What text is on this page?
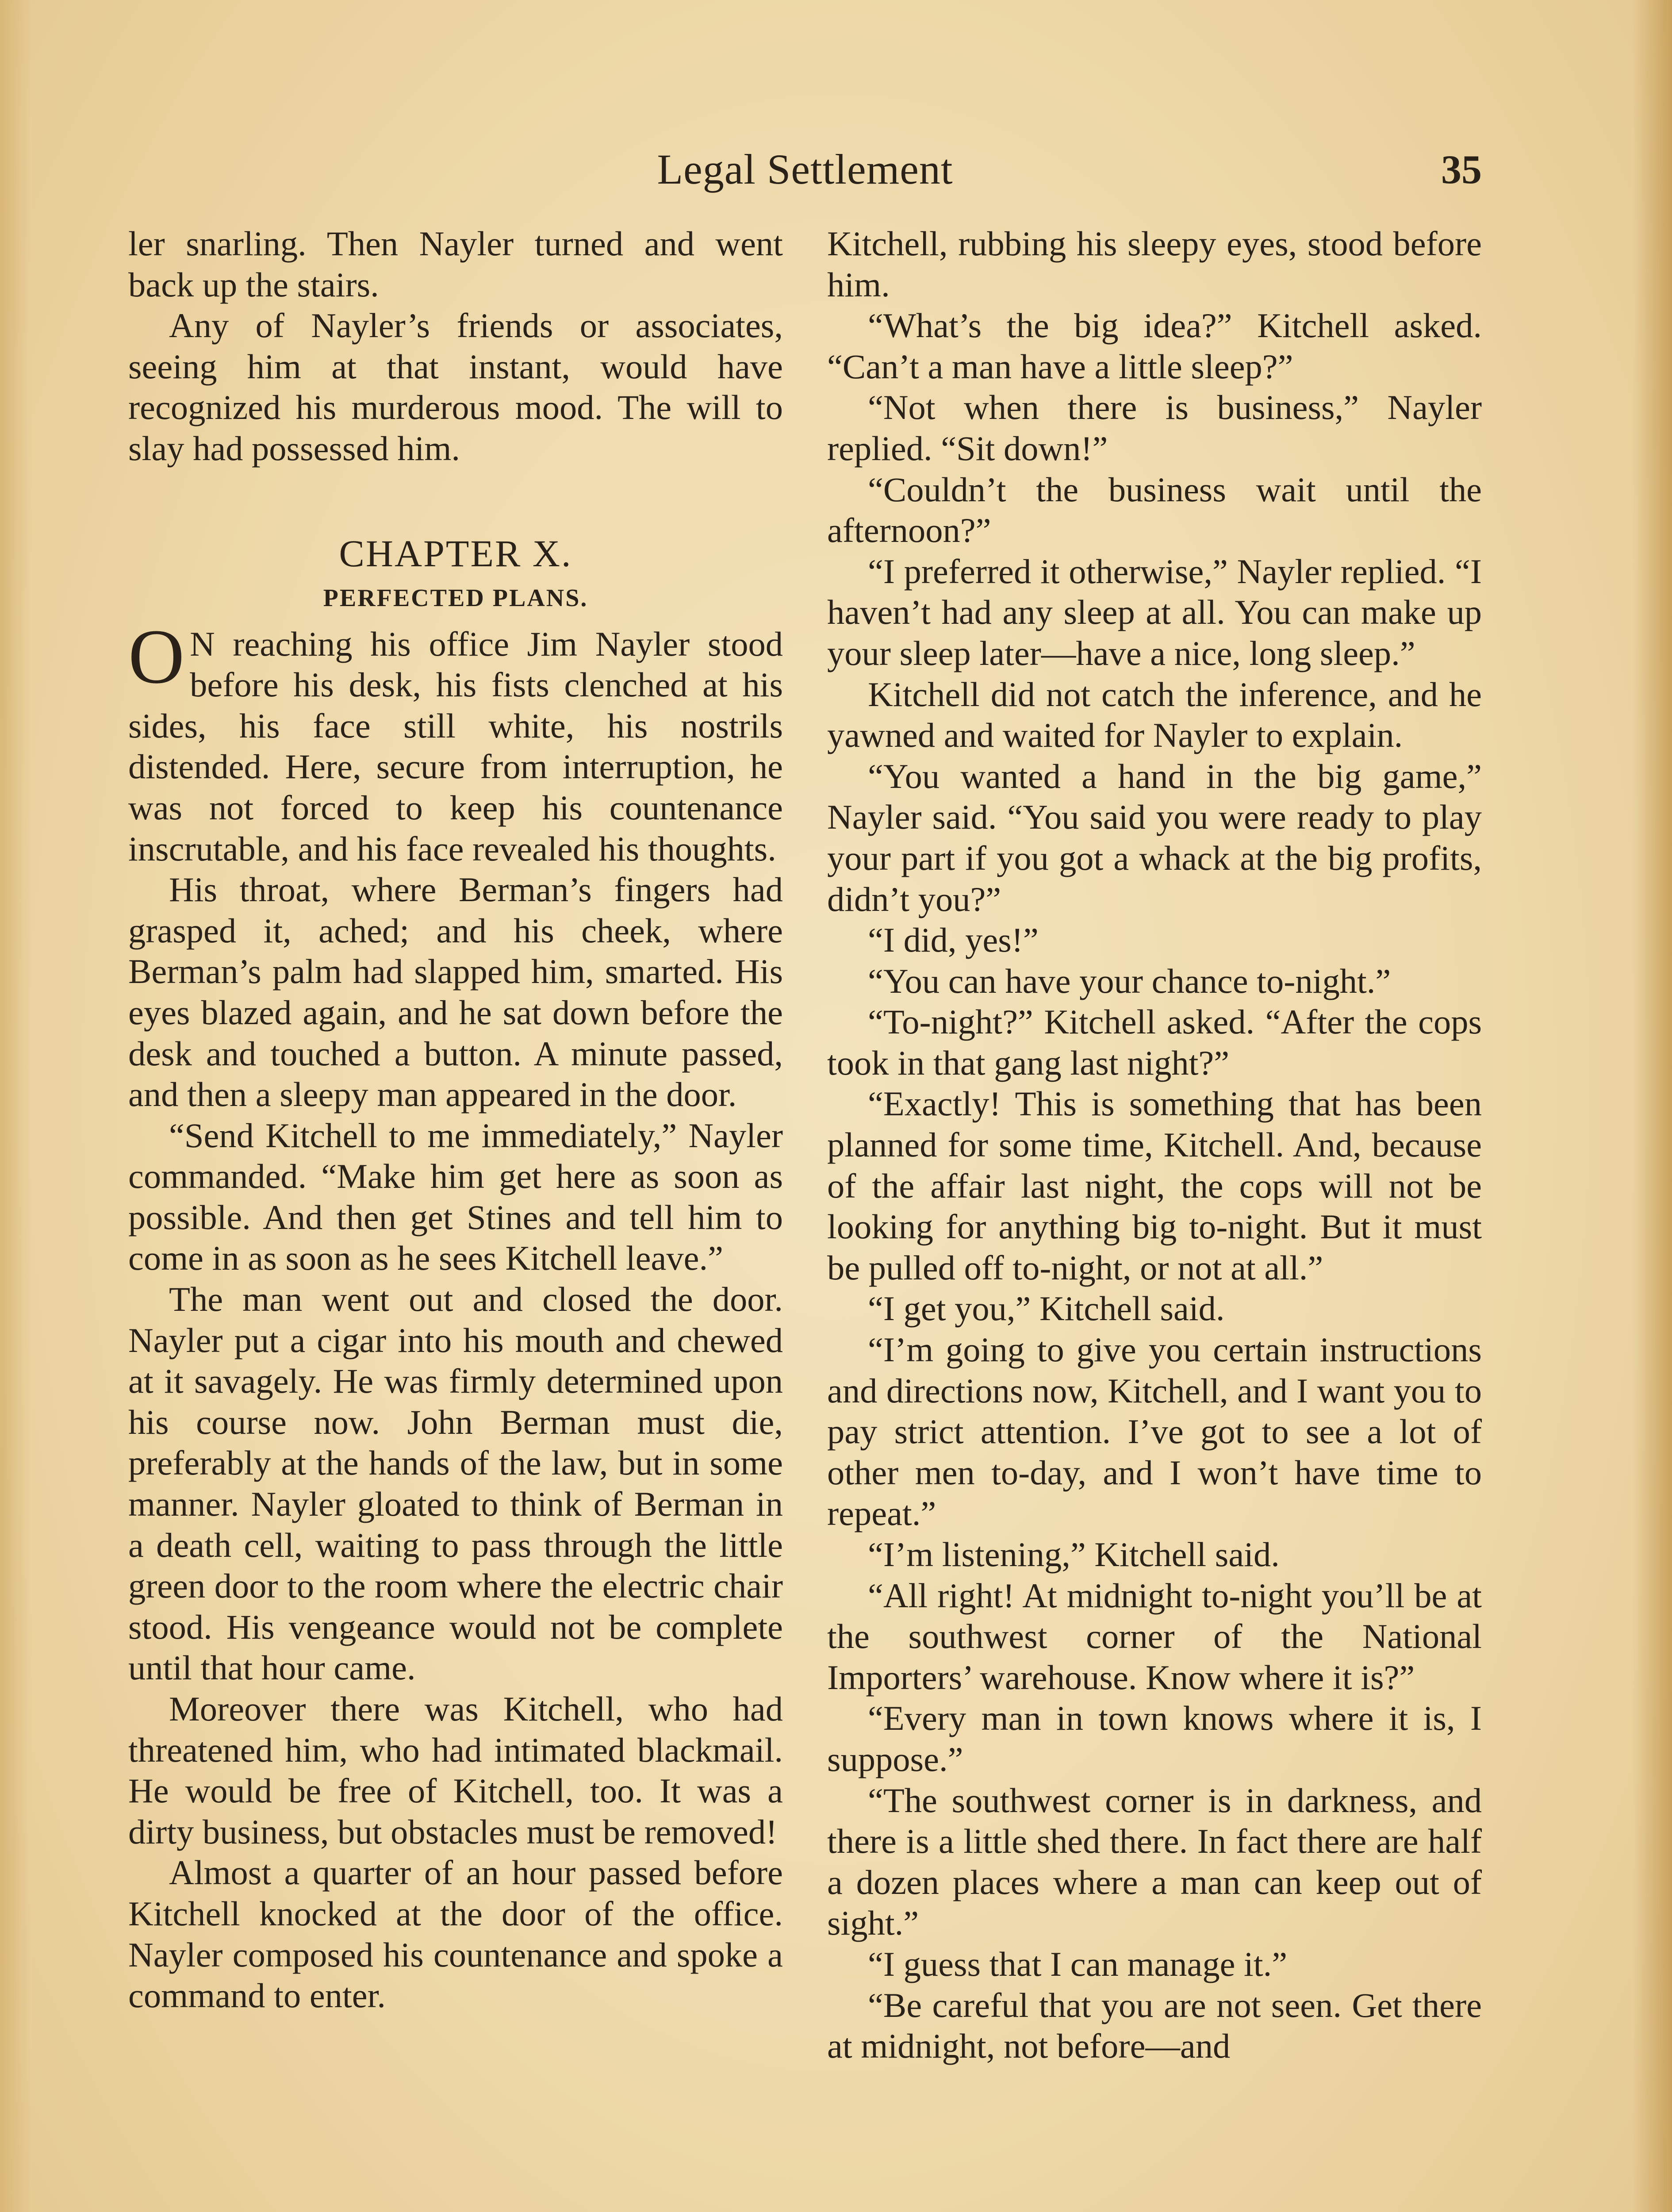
Legal Settlement	35

ler snarling. Then Nayler turned and went back up the stairs.

Any of Nayler’s friends or associates, seeing him at that instant, would have recognized his murderous mood. The will to slay had possessed him.

CHAPTER X.
PERFECTED PLANS.

O N reaching his office Jim Nayler stood before his desk, his fists clenched at his sides, his face still white, his nostrils distended. Here, secure from interruption, he was not forced to keep his countenance inscrutable, and his face revealed his thoughts.

His throat, where Berman’s fingers had grasped it, ached; and his cheek, where Berman’s palm had slapped him, smarted. His eyes blazed again, and he sat down before the desk and touched a button. A minute passed, and then a sleepy man appeared in the door.

“Send Kitchell to me immediately,” Nayler commanded. “Make him get here as soon as possible. And then get Stines and tell him to come in as soon as he sees Kitchell leave.”

The man went out and closed the door. Nayler put a cigar into his mouth and chewed at it savagely. He was firmly determined upon his course now. John Berman must die, preferably at the hands of the law, but in some manner. Nayler gloated to think of Berman in a death cell, waiting to pass through the little green door to the room where the electric chair stood. His vengeance would not be complete until that hour came.

Moreover there was Kitchell, who had threatened him, who had intimated blackmail. He would be free of Kitchell, too. It was a dirty business, but obstacles must be removed!

Almost a quarter of an hour passed before Kitchell knocked at the door of the office. Nayler composed his countenance and spoke a command to enter.

Kitchell, rubbing his sleepy eyes, stood before him.

“What’s the big idea?” Kitchell asked. “Can’t a man have a little sleep?”

“Not when there is business,” Nayler replied. “Sit down!”

“Couldn’t the business wait until the afternoon?”

“I preferred it otherwise,” Nayler replied. “I haven’t had any sleep at all. You can make up your sleep later—have a nice, long sleep.”

Kitchell did not catch the inference, and he yawned and waited for Nayler to explain.

“You wanted a hand in the big game,” Nayler said. “You said you were ready to play your part if you got a whack at the big profits, didn’t you?”

“I did, yes!”

“You can have your chance to-night.”

“To-night?” Kitchell asked. “After the cops took in that gang last night?”

“Exactly! This is something that has been planned for some time, Kitchell. And, because of the affair last night, the cops will not be looking for anything big to-night. But it must be pulled off to-night, or not at all.”

“I get you,” Kitchell said.

“I’m going to give you certain instructions and directions now, Kitchell, and I want you to pay strict attention. I’ve got to see a lot of other men to-day, and I won’t have time to repeat.”

“I’m listening,” Kitchell said.

“All right! At midnight to-night you’ll be at the southwest corner of the National Importers’ warehouse. Know where it is?”

“Every man in town knows where it is, I suppose.”

“The southwest corner is in darkness, and there is a little shed there. In fact there are half a dozen places where a man can keep out of sight.”

“I guess that I can manage it.”

“Be careful that you are not seen. Get there at midnight, not before—and
